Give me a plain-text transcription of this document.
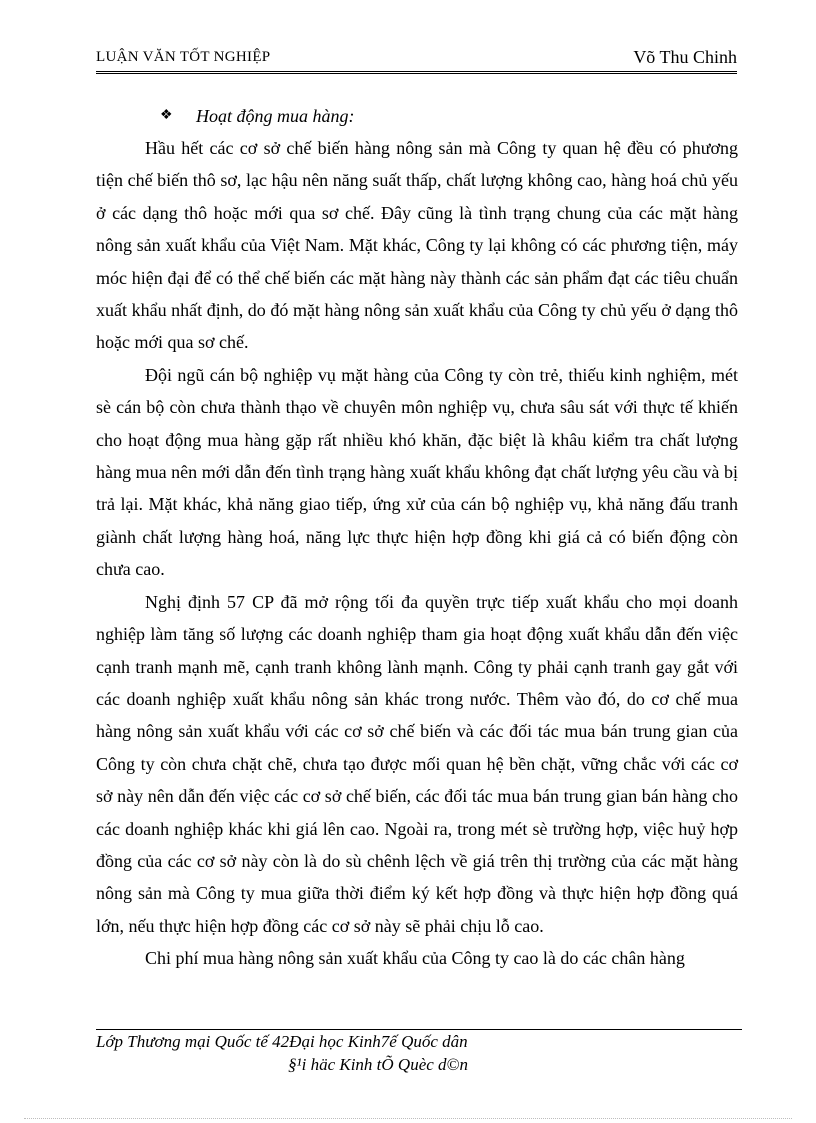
LUẬN VĂN TỐT NGHIỆP	Võ Thu Chinh
❖ Hoạt động mua hàng:

Hầu hết các cơ sở chế biến hàng nông sản mà Công ty quan hệ đều có phương tiện chế biến thô sơ, lạc hậu nên năng suất thấp, chất lượng không cao, hàng hoá chủ yếu ở các dạng thô hoặc mới qua sơ chế. Đây cũng là tình trạng chung của các mặt hàng nông sản xuất khẩu của Việt Nam. Mặt khác, Công ty lại không có các phương tiện, máy móc hiện đại để có thể chế biến các mặt hàng này thành các sản phẩm đạt các tiêu chuẩn xuất khẩu nhất định, do đó mặt hàng nông sản xuất khẩu của Công ty chủ yếu ở dạng thô hoặc mới qua sơ chế.

Đội ngũ cán bộ nghiệp vụ mặt hàng của Công ty còn trẻ, thiếu kinh nghiệm, mét sè cán bộ còn chưa thành thạo về chuyên môn nghiệp vụ, chưa sâu sát với thực tế khiến cho hoạt động mua hàng gặp rất nhiều khó khăn, đặc biệt là khâu kiểm tra chất lượng hàng mua nên mới dẫn đến tình trạng hàng xuất khẩu không đạt chất lượng yêu cầu và bị trả lại. Mặt khác, khả năng giao tiếp, ứng xử của cán bộ nghiệp vụ, khả năng đấu tranh giành chất lượng hàng hoá, năng lực thực hiện hợp đồng khi giá cả có biến động còn chưa cao.

Nghị định 57 CP đã mở rộng tối đa quyền trực tiếp xuất khẩu cho mọi doanh nghiệp làm tăng số lượng các doanh nghiệp tham gia hoạt động xuất khẩu dẫn đến việc cạnh tranh mạnh mẽ, cạnh tranh không lành mạnh. Công ty phải cạnh tranh gay gắt với các doanh nghiệp xuất khẩu nông sản khác trong nước. Thêm vào đó, do cơ chế mua hàng nông sản xuất khẩu với các cơ sở chế biến và các đối tác mua bán trung gian của Công ty còn chưa chặt chẽ, chưa tạo được mối quan hệ bền chặt, vững chắc với các cơ sở này nên dẫn đến việc các cơ sở chế biến, các đối tác mua bán trung gian bán hàng cho các doanh nghiệp khác khi giá lên cao. Ngoài ra, trong mét sè trường hợp, việc huỷ hợp đồng của các cơ sở này còn là do sù chênh lệch về giá trên thị trường của các mặt hàng nông sản mà Công ty mua giữa thời điểm ký kết hợp đồng và thực hiện hợp đồng quá lớn, nếu thực hiện hợp đồng các cơ sở này sẽ phải chịu lỗ cao.

Chi phí mua hàng nông sản xuất khẩu của Công ty cao là do các chân hàng

Lớp Thương mại Quốc tế 42Đại học Kinh7ế Quốc dân
§¹i häc Kinh tÕ Quèc d©n
